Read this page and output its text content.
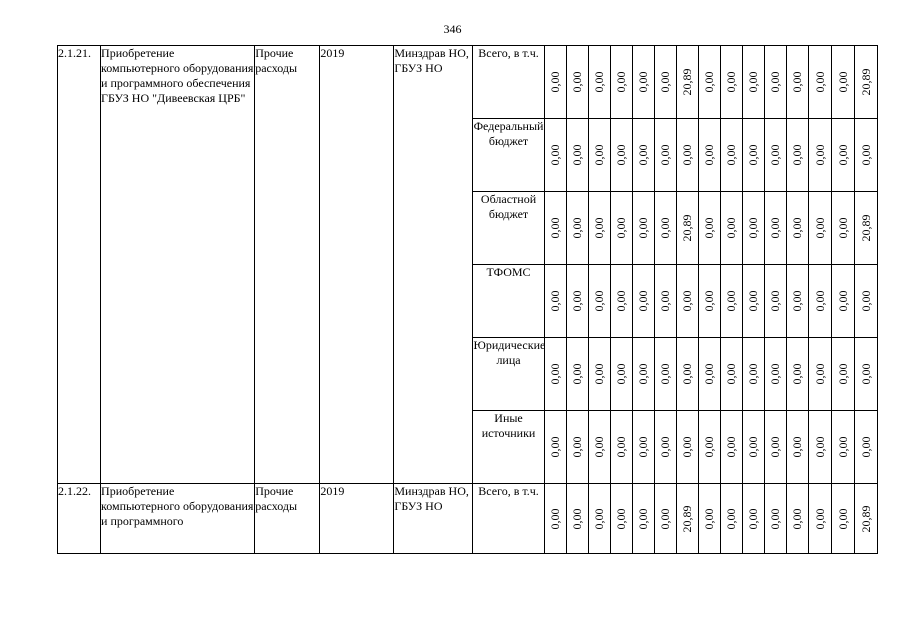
346
2.1.21.	Приобретение компьютерного оборудования и программного обеспечения ГБУЗ НО "Дивеевская ЦРБ"	Прочие расходы	2019	Минздрав НО, ГБУЗ НО	Всего, в т.ч.	0,00	0,00	0,00	0,00	0,00	0,00	20,89	0,00	0,00	0,00	0,00	0,00	0,00	0,00	20,89

					Федеральный бюджет	0,00	0,00	0,00	0,00	0,00	0,00	0,00	0,00	0,00	0,00	0,00	0,00	0,00	0,00	0,00

					Областной бюджет	0,00	0,00	0,00	0,00	0,00	0,00	20,89	0,00	0,00	0,00	0,00	0,00	0,00	0,00	20,89

					ТФОМС	0,00	0,00	0,00	0,00	0,00	0,00	0,00	0,00	0,00	0,00	0,00	0,00	0,00	0,00	0,00

					Юридические лица	0,00	0,00	0,00	0,00	0,00	0,00	0,00	0,00	0,00	0,00	0,00	0,00	0,00	0,00	0,00

					Иные источники	0,00	0,00	0,00	0,00	0,00	0,00	0,00	0,00	0,00	0,00	0,00	0,00	0,00	0,00	0,00

2.1.22.	Приобретение компьютерного оборудования и программного	Прочие расходы	2019	Минздрав НО, ГБУЗ НО	Всего, в т.ч.	0,00	0,00	0,00	0,00	0,00	0,00	20,89	0,00	0,00	0,00	0,00	0,00	0,00	0,00	20,89
